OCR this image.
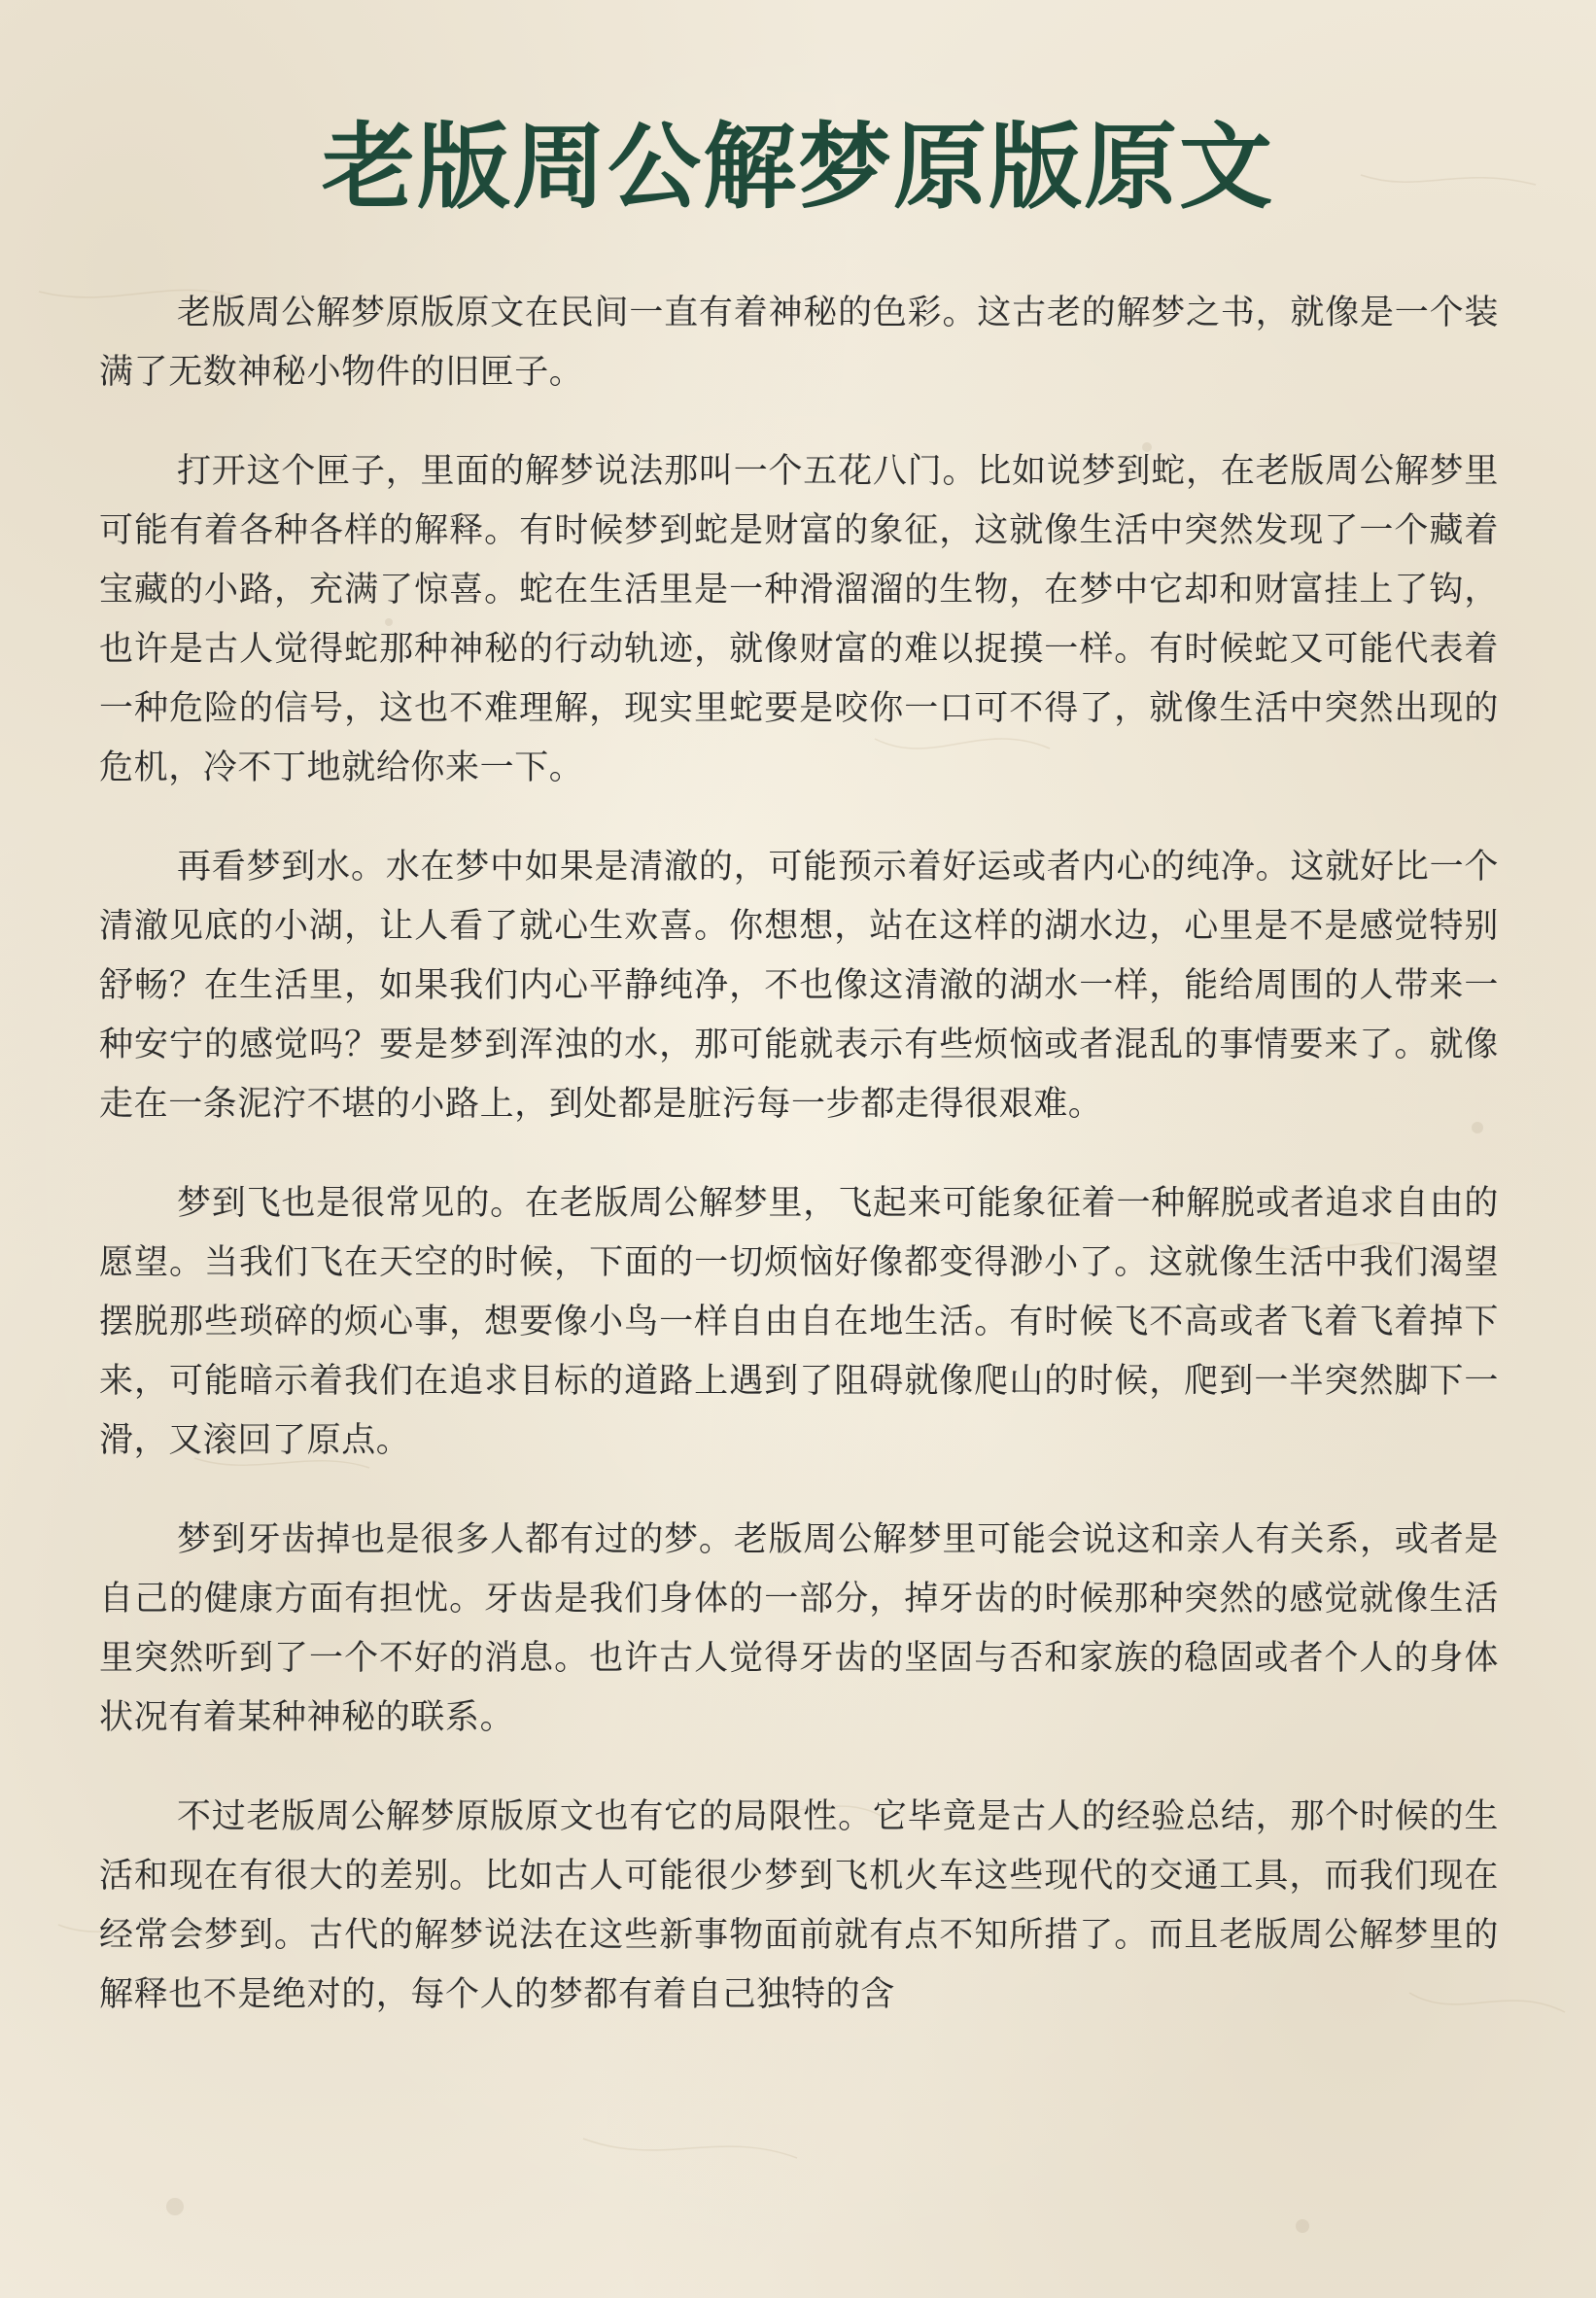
老版周公解梦原版原文

老版周公解梦原版原文在民间一直有着神秘的色彩。这古老的解梦之书，就像是一个装满了无数神秘小物件的旧匣子。

打开这个匣子，里面的解梦说法那叫一个五花八门。比如说梦到蛇，在老版周公解梦里可能有着各种各样的解释。有时候梦到蛇是财富的象征，这就像生活中突然发现了一个藏着宝藏的小路，充满了惊喜。蛇在生活里是一种滑溜溜的生物，在梦中它却和财富挂上了钩，也许是古人觉得蛇那种神秘的行动轨迹，就像财富的难以捉摸一样。有时候蛇又可能代表着一种危险的信号，这也不难理解，现实里蛇要是咬你一口可不得了，就像生活中突然出现的危机，冷不丁地就给你来一下。

再看梦到水。水在梦中如果是清澈的，可能预示着好运或者内心的纯净。这就好比一个清澈见底的小湖，让人看了就心生欢喜。你想想，站在这样的湖水边，心里是不是感觉特别舒畅？在生活里，如果我们内心平静纯净，不也像这清澈的湖水一样，能给周围的人带来一种安宁的感觉吗？要是梦到浑浊的水，那可能就表示有些烦恼或者混乱的事情要来了。就像走在一条泥泞不堪的小路上，到处都是脏污每一步都走得很艰难。

梦到飞也是很常见的。在老版周公解梦里，飞起来可能象征着一种解脱或者追求自由的愿望。当我们飞在天空的时候，下面的一切烦恼好像都变得渺小了。这就像生活中我们渴望摆脱那些琐碎的烦心事，想要像小鸟一样自由自在地生活。有时候飞不高或者飞着飞着掉下来，可能暗示着我们在追求目标的道路上遇到了阻碍就像爬山的时候，爬到一半突然脚下一滑，又滚回了原点。

梦到牙齿掉也是很多人都有过的梦。老版周公解梦里可能会说这和亲人有关系，或者是自己的健康方面有担忧。牙齿是我们身体的一部分，掉牙齿的时候那种突然的感觉就像生活里突然听到了一个不好的消息。也许古人觉得牙齿的坚固与否和家族的稳固或者个人的身体状况有着某种神秘的联系。

不过老版周公解梦原版原文也有它的局限性。它毕竟是古人的经验总结，那个时候的生活和现在有很大的差别。比如古人可能很少梦到飞机火车这些现代的交通工具，而我们现在经常会梦到。古代的解梦说法在这些新事物面前就有点不知所措了。而且老版周公解梦里的解释也不是绝对的，每个人的梦都有着自己独特的含
